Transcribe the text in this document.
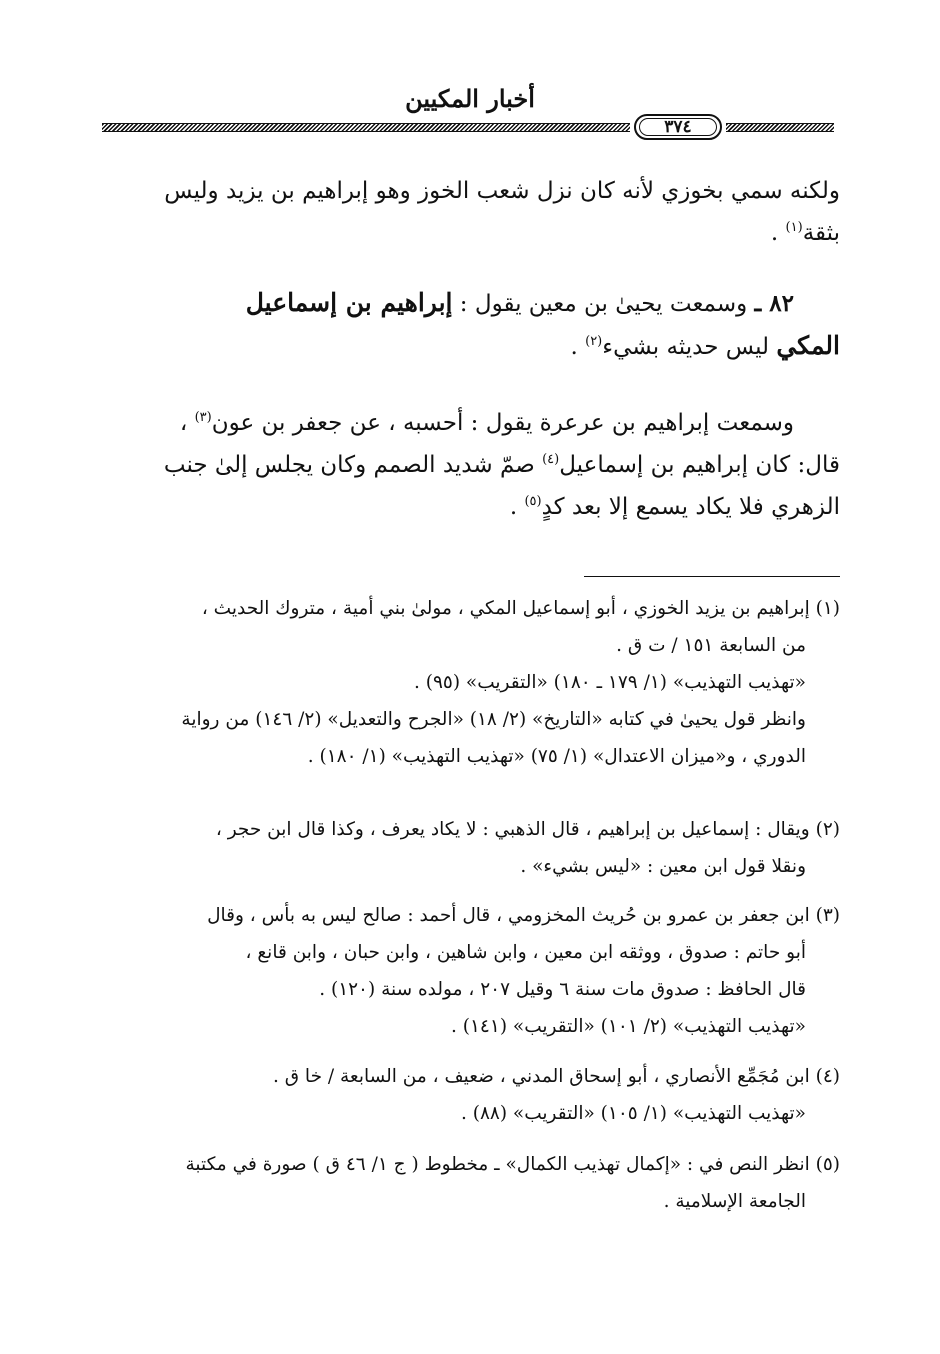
أخبار المكيين
٣٧٤
ولكنه سمي بخوزي لأنه كان نزل شعب الخوز وهو إبراهيم بن يزيد وليس
بثقة$^{(١)}$ .
٨٢ ـ وسمعت يحيىٰ بن معين يقول : إبراهيم بن إسماعيل
المكي ليس حديثه بشيء$^{(٢)}$ .
وسمعت إبراهيم بن عرعرة يقول : أحسبه ، عن جعفر بن عون$^{(٣)}$ ،
قال: كان إبراهيم بن إسماعيل$^{(٤)}$ صمّ شديد الصمم وكان يجلس إلىٰ جنب
الزهري فلا يكاد يسمع إلا بعد كدٍ$^{(٥)}$ .
(١) إبراهيم بن يزيد الخوزي ، أبو إسماعيل المكي ، مولىٰ بني أمية ، متروك الحديث ،
من السابعة ١٥١ / ت ق .
«تهذيب التهذيب» (١/ ١٧٩ ـ ١٨٠) «التقريب» (٩٥) .
وانظر قول يحيىٰ في كتابه «التاريخ» (٢/ ١٨) «الجرح والتعديل» (٢/ ١٤٦) من رواية
الدوري ، و«ميزان الاعتدال» (١/ ٧٥) «تهذيب التهذيب» (١/ ١٨٠) .
(٢) ويقال : إسماعيل بن إبراهيم ، قال الذهبي : لا يكاد يعرف ، وكذا قال ابن حجر ،
ونقلا قول ابن معين : «ليس بشيء» .
(٣) ابن جعفر بن عمرو بن حُريث المخزومي ، قال أحمد : صالح ليس به بأس ، وقال
أبو حاتم : صدوق ، ووثقه ابن معين ، وابن شاهين ، وابن حبان ، وابن قانع ،
قال الحافظ : صدوق مات سنة ٦ وقيل ٢٠٧ ، مولده سنة (١٢٠) .
«تهذيب التهذيب» (٢/ ١٠١) «التقريب» (١٤١) .
(٤) ابن مُجَمِّع الأنصاري ، أبو إسحاق المدني ، ضعيف ، من السابعة / خا ق .
«تهذيب التهذيب» (١/ ١٠٥) «التقريب» (٨٨) .
(٥) انظر النص في : «إكمال تهذيب الكمال» ـ مخطوط ( ج ١/ ٤٦ ق ) صورة في مكتبة
الجامعة الإسلامية .
